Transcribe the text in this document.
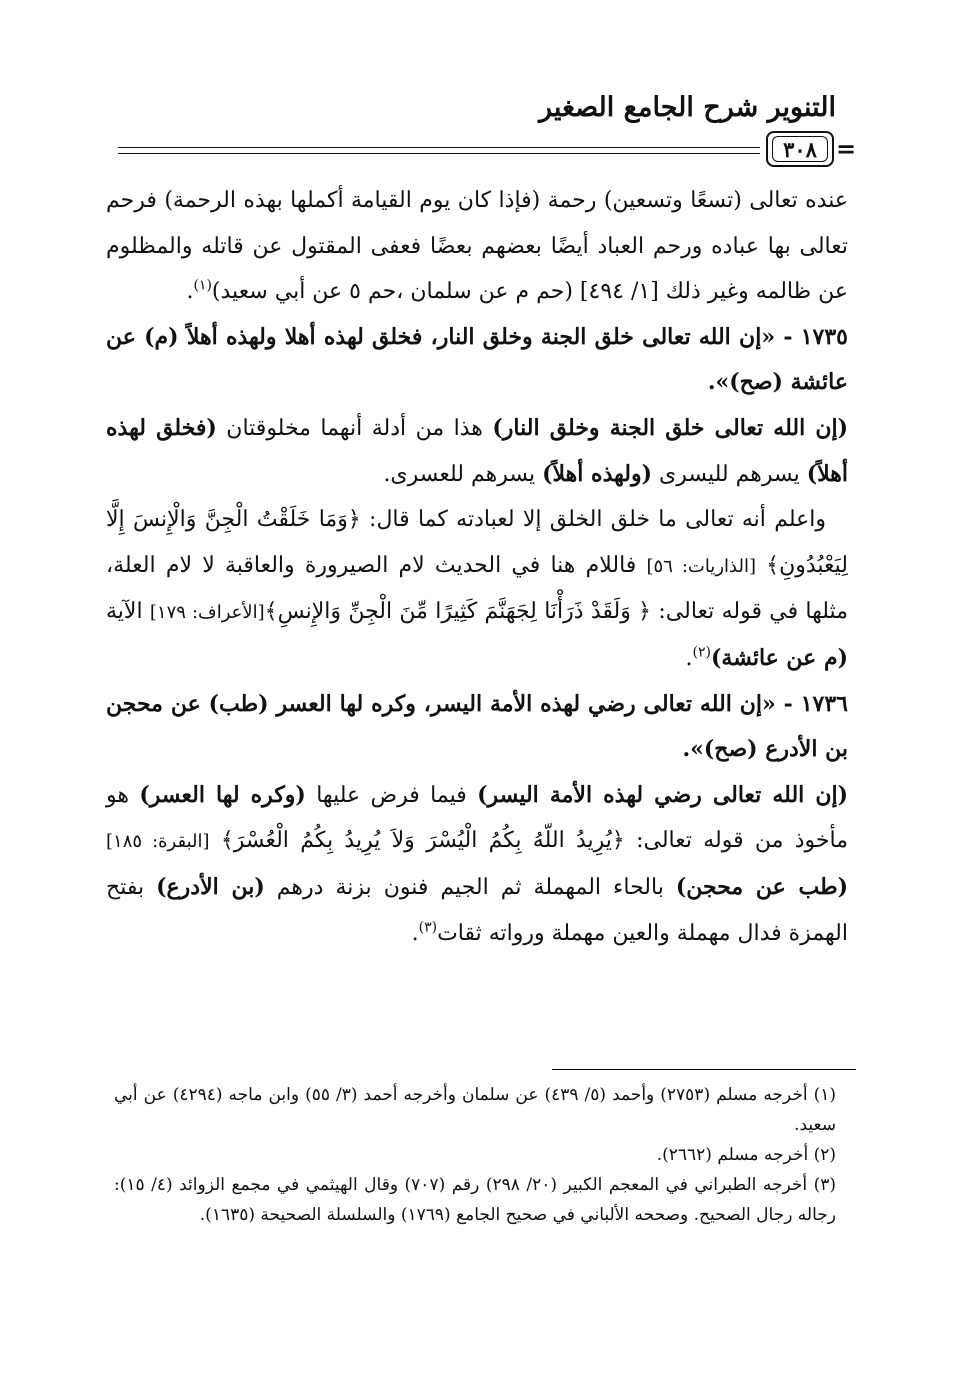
التنوير شرح الجامع الصغير
٣٠٨ =

عنده تعالى (تسعًا وتسعين) رحمة (فإذا كان يوم القيامة أكملها بهذه الرحمة) فرحم تعالى بها عباده ورحم العباد أيضًا بعضهم بعضًا فعفى المقتول عن قاتله والمظلوم عن ظالمه وغير ذلك [١/ ٤٩٤] (حم م عن سلمان ،حم ٥ عن أبي سعيد)$^{(١)}$.

١٧٣٥ - «إن الله تعالى خلق الجنة وخلق النار، فخلق لهذه أهلا ولهذه أهلاً (م) عن عائشة (صح)».

(إن الله تعالى خلق الجنة وخلق النار) هذا من أدلة أنهما مخلوقتان (فخلق لهذه أهلاً) يسرهم لليسرى (ولهذه أهلاً) يسرهم للعسرى.

 واعلم أنه تعالى ما خلق الخلق إلا لعبادته كما قال: ﴿وَمَا خَلَقْتُ الْجِنَّ وَالْإِنسَ إِلَّا لِيَعْبُدُونِ﴾ [الذاريات: ٥٦] فاللام هنا في الحديث لام الصيرورة والعاقبة لا لام العلة، مثلها في قوله تعالى: ﴿ وَلَقَدْ ذَرَأْنَا لِجَهَنَّمَ كَثِيرًا مِّنَ الْجِنِّ وَالإِنسِ﴾[الأعراف: ١٧٩] الآية (م عن عائشة)$^{(٢)}$.

١٧٣٦ - «إن الله تعالى رضي لهذه الأمة اليسر، وكره لها العسر (طب) عن محجن بن الأدرع (صح)».

(إن الله تعالى رضي لهذه الأمة اليسر) فيما فرض عليها (وكره لها العسر) هو مأخوذ من قوله تعالى: ﴿يُرِيدُ اللّهُ بِكُمُ الْيُسْرَ وَلاَ يُرِيدُ بِكُمُ الْعُسْرَ﴾ [البقرة: ١٨٥] (طب عن محجن) بالحاء المهملة ثم الجيم فنون بزنة درهم (بن الأدرع) بفتح الهمزة فدال مهملة والعين مهملة ورواته ثقات$^{(٣)}$.

(١) أخرجه مسلم (٢٧٥٣) وأحمد (٥/ ٤٣٩) عن سلمان وأخرجه أحمد (٣/ ٥٥) وابن ماجه (٤٢٩٤) عن أبي سعيد.

(٢) أخرجه مسلم (٢٦٦٢).

(٣) أخرجه الطبراني في المعجم الكبير (٢٠/ ٢٩٨) رقم (٧٠٧) وقال الهيثمي في مجمع الزوائد (٤/ ١٥): رجاله رجال الصحيح. وصححه الألباني في صحيح الجامع (١٧٦٩) والسلسلة الصحيحة (١٦٣٥).
